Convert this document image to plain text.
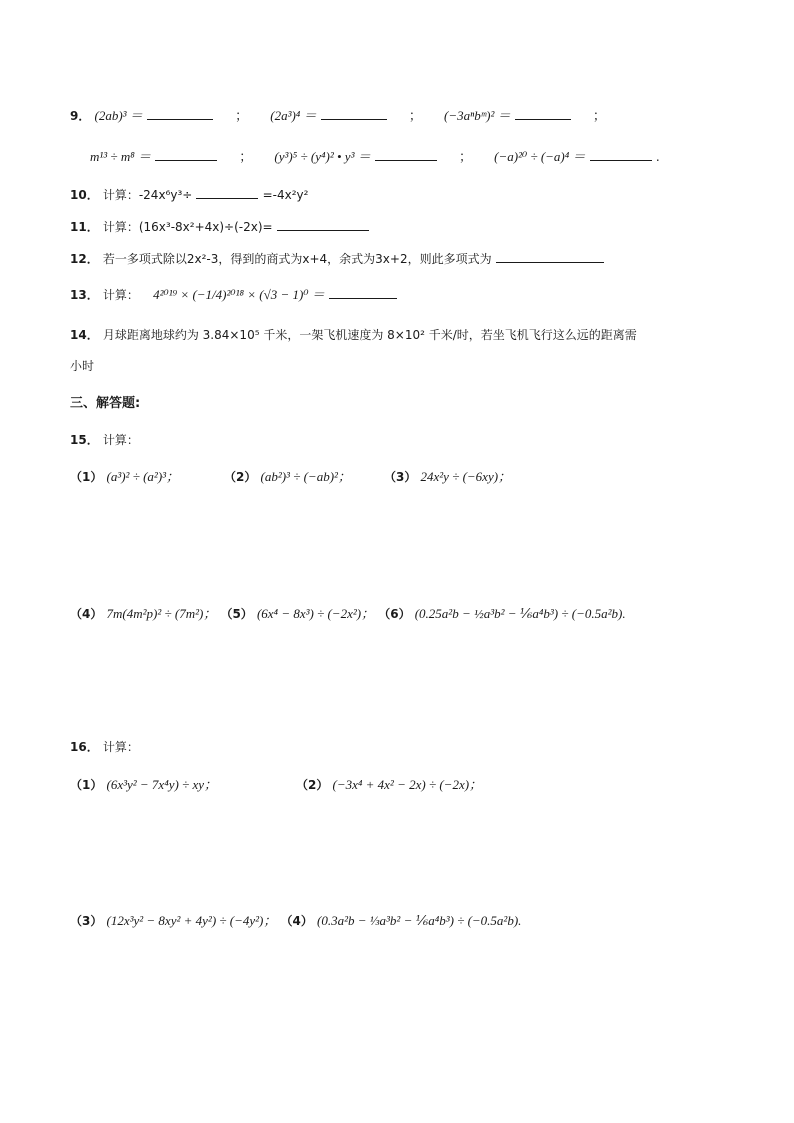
9． (2ab)³ ＝	； (2a³)⁴ ＝	； (−3aⁿbᵐ)² ＝	；
m¹³ ÷ m⁸ ＝	； (y³)⁵ ÷ (y⁴)² • y³ ＝	； (−a)²⁰ ÷ (−a)⁴ ＝	.
10． 计算：-24x⁶y³÷	=-4x²y²
11． 计算：(16x³-8x²+4x)÷(-2x)=
12． 若一多项式除以2x²-3，得到的商式为x+4，余式为3x+2，则此多项式为
13． 计算： 4²⁰¹⁹ × (−1/4)²⁰¹⁸ × (√3 − 1)⁰ ＝
14． 月球距离地球约为 3.84×10⁵ 千米，一架飞机速度为 8×10² 千米/时，若坐飞机飞行这么远的距离需
小时
三、解答题:
15． 计算：
（1） (a³)² ÷ (a²)³；	（2） (ab²)³ ÷ (−ab)²；	（3） 24x²y ÷ (−6xy)；
（4） 7m(4m²p)² ÷ (7m²)； （5） (6x⁴ − 8x³) ÷ (−2x²)； （6） (0.25a²b − ½a³b² − ⅙a⁴b³) ÷ (−0.5a²b).
16． 计算：
（1） (6x³y² − 7x⁴y) ÷ xy；	（2） (−3x⁴ + 4x² − 2x) ÷ (−2x)；
（3） (12x³y² − 8xy² + 4y²) ÷ (−4y²)； （4） (0.3a²b − ⅓a³b² − ⅙a⁴b³) ÷ (−0.5a²b).
